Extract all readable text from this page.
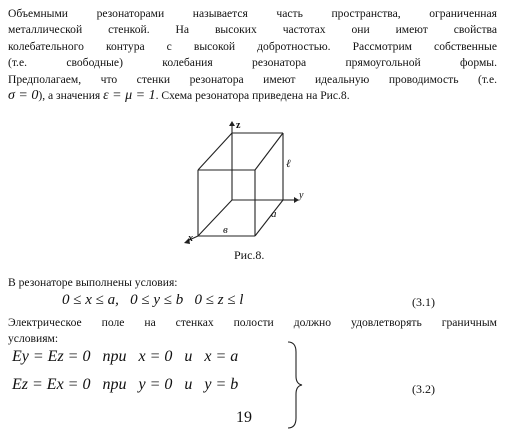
Объемными резонаторами называется часть пространства, ограниченная
металлической стенкой. На высоких частотах они имеют свойства
колебательного контура с высокой добротностью. Рассмотрим собственные
(т.е. свободные) колебания резонатора прямоугольной формы.
Предполагаем, что стенки резонатора имеют идеальную проводимость (т.е.
σ = 0), а значения ε = μ = 1. Схема резонатора приведена на Рис.8.
z
y
x
a
в
ℓ
Рис.8.
В резонаторе выполнены условия:
0 ≤ x ≤ a,   0 ≤ y ≤ b   0 ≤ z ≤ l	(3.1)
Электрическое поле на стенках полости должно удовлетворять граничным
условиям:
Ey = Ez = 0   при   x = 0   и   x = a
Ez = Ex = 0   при   y = 0   и   y = b	(3.2)
19
